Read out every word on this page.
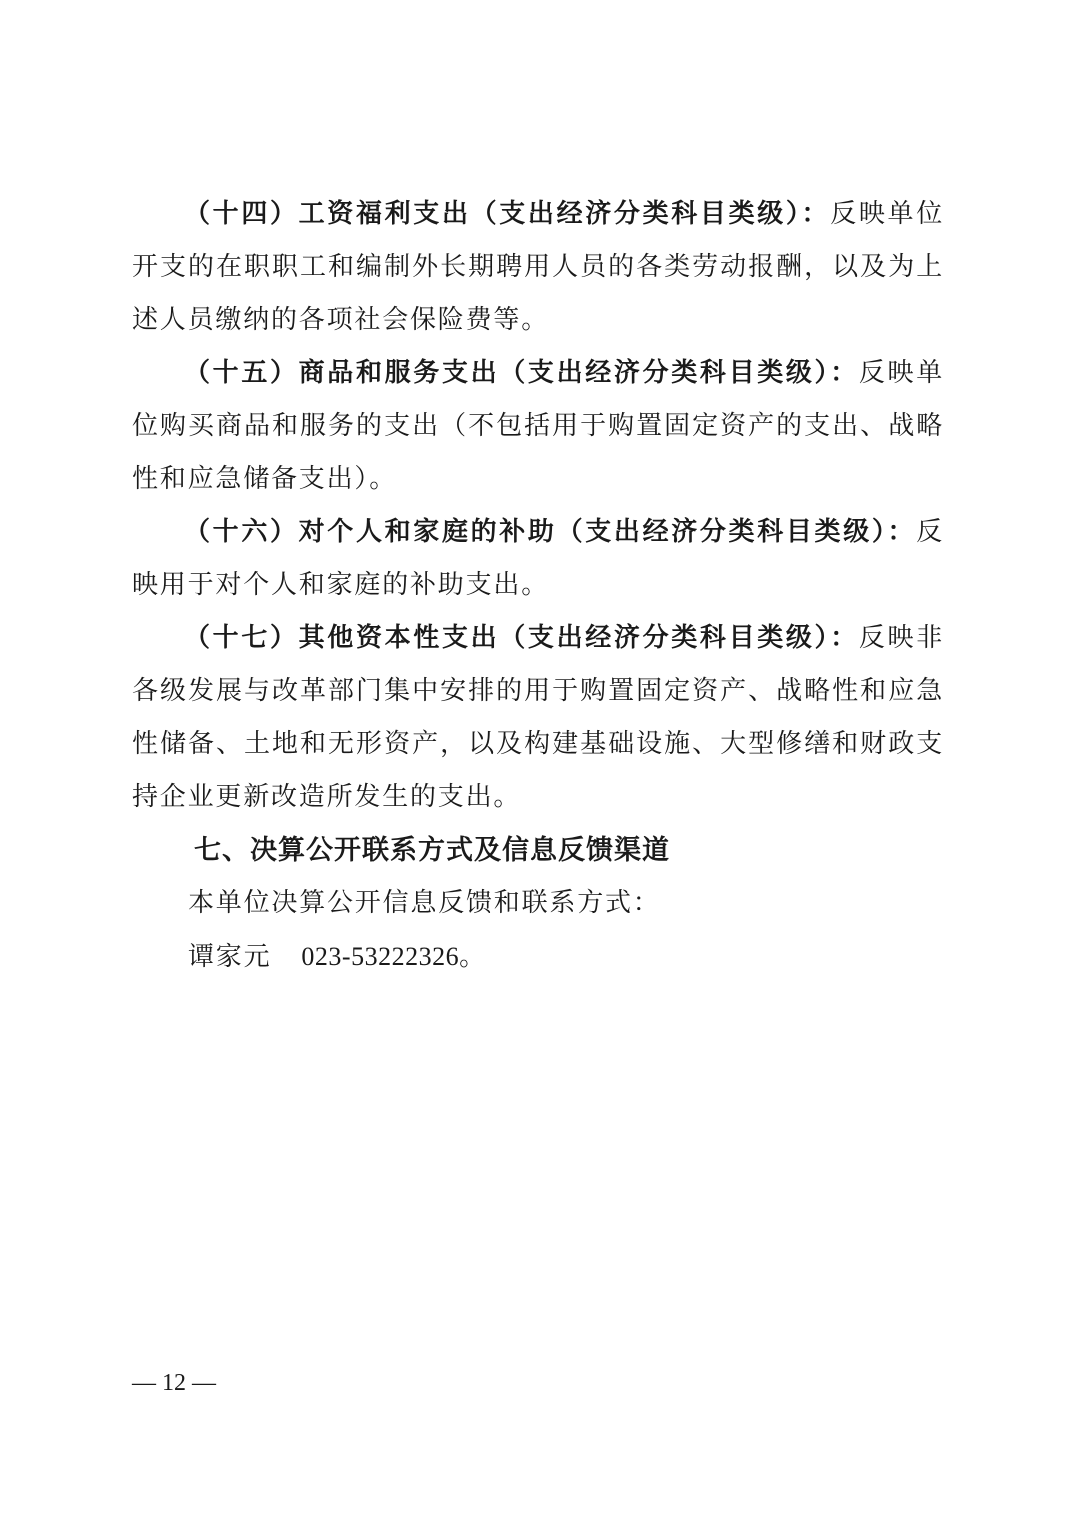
（十四）工资福利支出（支出经济分类科目类级）：反映单位开支的在职职工和编制外长期聘用人员的各类劳动报酬，以及为上述人员缴纳的各项社会保险费等。

（十五）商品和服务支出（支出经济分类科目类级）：反映单位购买商品和服务的支出（不包括用于购置固定资产的支出、战略性和应急储备支出）。

（十六）对个人和家庭的补助（支出经济分类科目类级）：反映用于对个人和家庭的补助支出。

（十七）其他资本性支出（支出经济分类科目类级）：反映非各级发展与改革部门集中安排的用于购置固定资产、战略性和应急性储备、土地和无形资产，以及构建基础设施、大型修缮和财政支持企业更新改造所发生的支出。

七、决算公开联系方式及信息反馈渠道

本单位决算公开信息反馈和联系方式：

谭家元 023-53222326。

— 12 —
